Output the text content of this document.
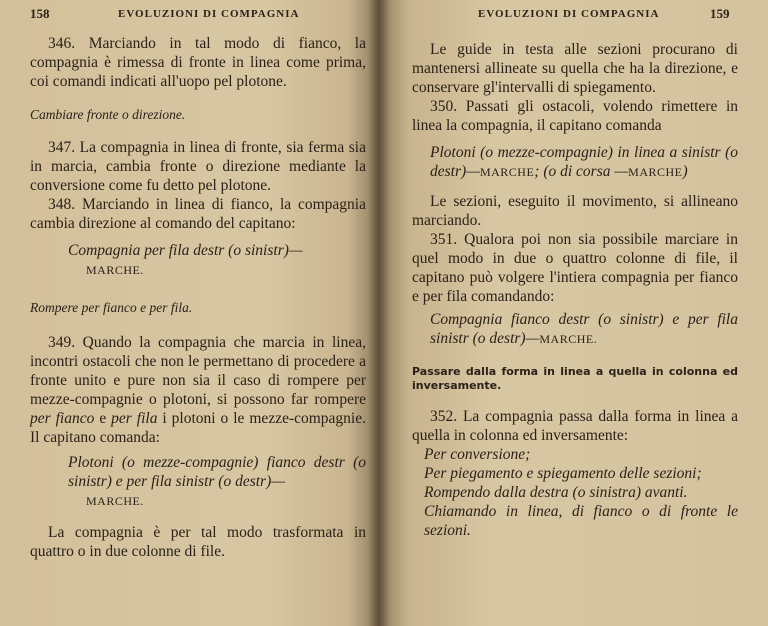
158	EVOLUZIONI DI COMPAGNIA

346. Marciando in tal modo di fianco, la compagnia è rimessa di fronte in linea come prima, coi comandi indicati all'uopo pel plotone.

Cambiare fronte o direzione.

347. La compagnia in linea di fronte, sia ferma sia in marcia, cambia fronte o direzione mediante la conversione come fu detto pel plotone.

348. Marciando in linea di fianco, la compagnia cambia direzione al comando del capitano:

Compagnia per fila destr (o sinistr)—

MARCHE.

Rompere per fianco e per fila.

349. Quando la compagnia che marcia in linea, incontri ostacoli che non le permettano di procedere a fronte unito e pure non sia il caso di rompere per mezze-compagnie o plotoni, si possono far rompere per fianco e per fila i plotoni o le mezze-compagnie. Il capitano comanda:

Plotoni (o mezze-compagnie) fianco destr (o sinistr) e per fila sinistr (o destr)—

MARCHE.

La compagnia è per tal modo trasformata in quattro o in due colonne di file.

EVOLUZIONI DI COMPAGNIA	159

Le guide in testa alle sezioni procurano di mantenersi allineate su quella che ha la direzione, e conservare gl'intervalli di spiegamento.

350. Passati gli ostacoli, volendo rimettere in linea la compagnia, il capitano comanda

Plotoni (o mezze-compagnie) in linea a sinistr (o destr)—MARCHE; (o di corsa —MARCHE)

Le sezioni, eseguito il movimento, si allineano marciando.

351. Qualora poi non sia possibile marciare in quel modo in due o quattro colonne di file, il capitano può volgere l'intiera compagnia per fianco e per fila comandando:

Compagnia fianco destr (o sinistr) e per fila sinistr (o destr)—MARCHE.

Passare dalla forma in linea a quella in colonna ed inversamente.

352. La compagnia passa dalla forma in linea a quella in colonna ed inversamente:

Per conversione;

Per piegamento e spiegamento delle sezioni;

Rompendo dalla destra (o sinistra) avanti.

Chiamando in linea, di fianco o di fronte le sezioni.
